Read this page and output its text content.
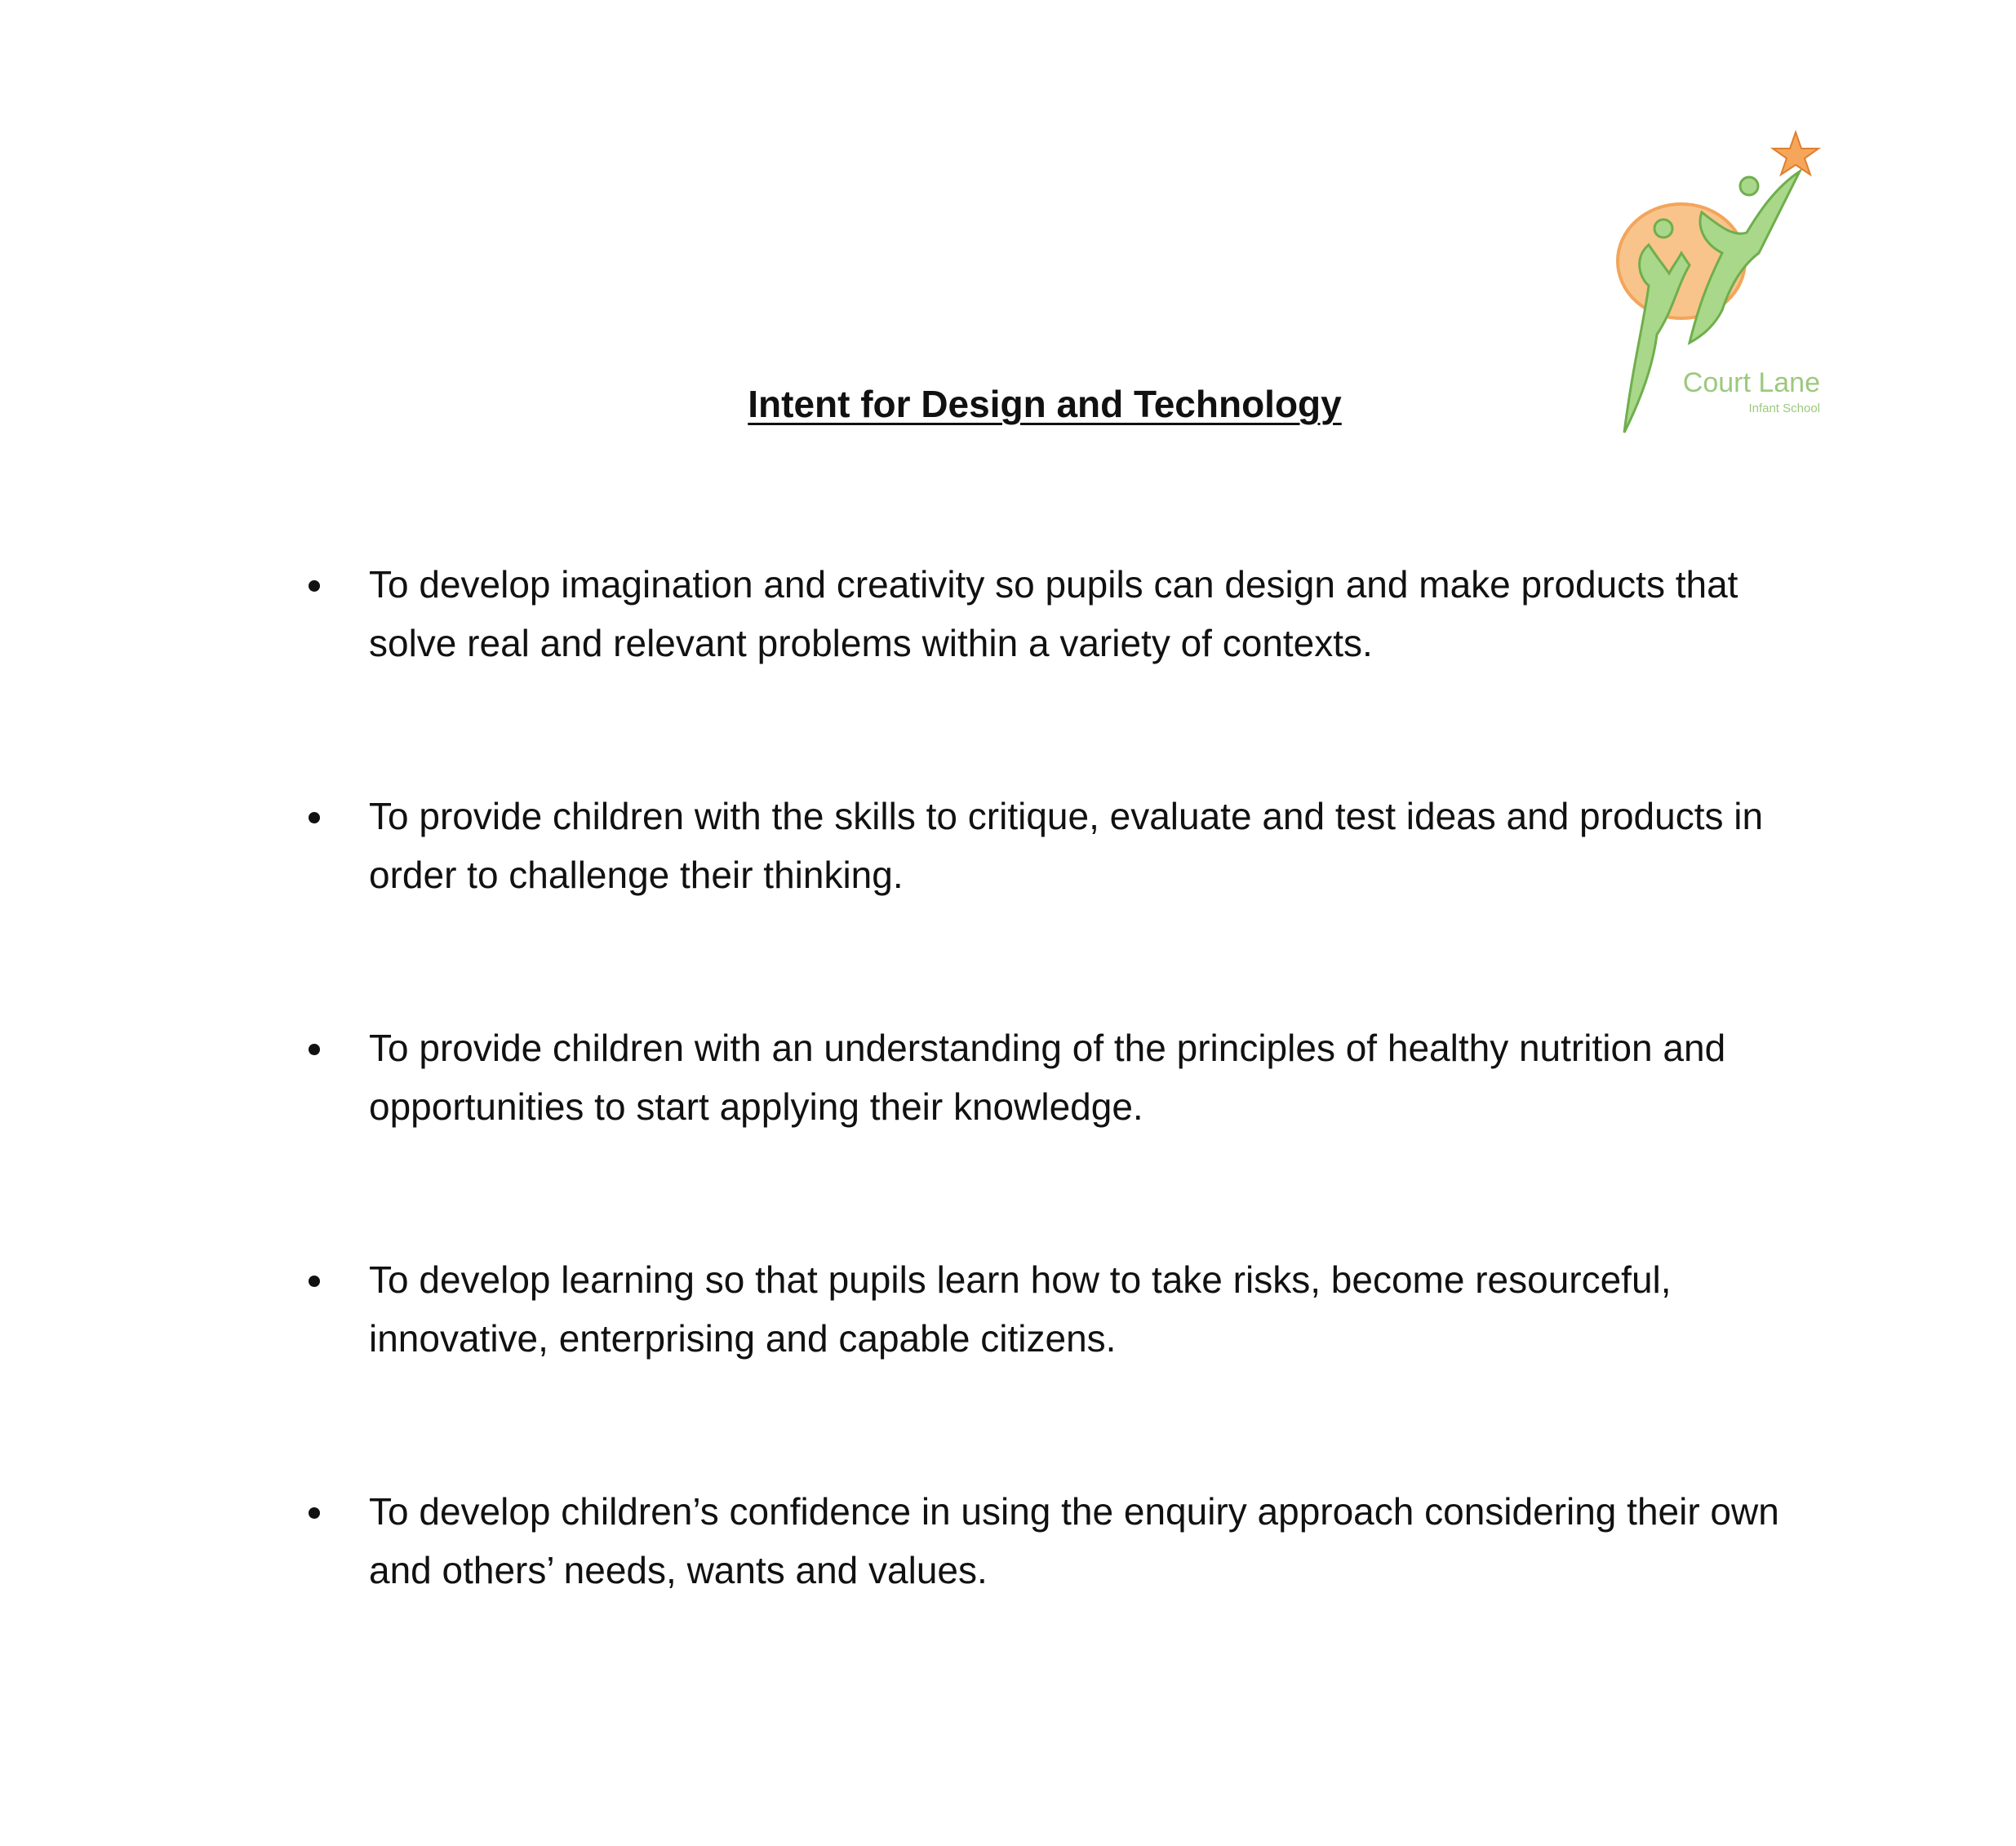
Court Lane
Infant School
Intent for Design and Technology
To develop imagination and creativity so pupils can design and make products that solve real and relevant problems within a variety of contexts.
To provide children with the skills to critique, evaluate and test ideas and products in order to challenge their thinking.
To provide children with an understanding of the principles of healthy nutrition and opportunities to start applying their knowledge.
To develop learning so that pupils learn how to take risks, become resourceful, innovative, enterprising and capable citizens.
To develop children’s confidence in using the enquiry approach considering their own and others’ needs, wants and values.
